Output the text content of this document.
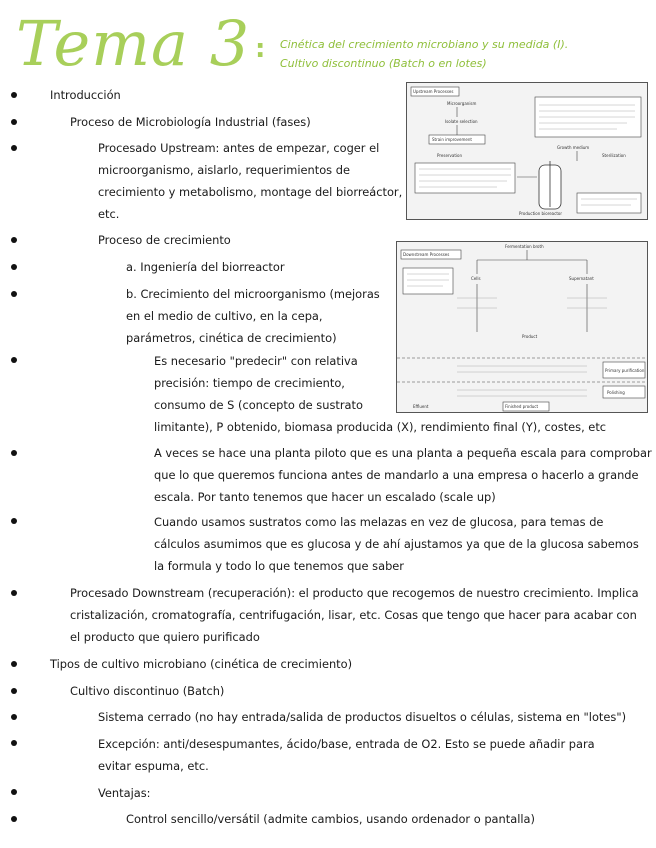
Tema 3 : Cinética del crecimiento microbiano y su medida (I).
Cultivo discontinuo (Batch o en lotes)
Upstream Processes
Microorganism
Isolate selection
Strain improvement
Preservation
Growth medium
Sterilization
Production bioreactor
Downstream Processes
Fermentation broth
Cells	Supernatant
Product
Primary purification
Polishing
Effluent	Finished product
Introducción
Proceso de Microbiología Industrial (fases)
Procesado Upstream: antes de empezar, coger el
microorganismo, aislarlo, requerimientos de
crecimiento y metabolismo, montage del biorreáctor,
etc.
Proceso de crecimiento
a. Ingeniería del biorreactor
b. Crecimiento del microorganismo (mejoras
en el medio de cultivo, en la cepa,
parámetros, cinética de crecimiento)
Es necesario "predecir" con relativa
precisión: tiempo de crecimiento,
consumo de S (concepto de sustrato
limitante), P obtenido, biomasa producida (X), rendimiento final (Y), costes, etc
A veces se hace una planta piloto que es una planta a pequeña escala para comprobar
que lo que queremos funciona antes de mandarlo a una empresa o hacerlo a grande
escala. Por tanto tenemos que hacer un escalado (scale up)
Cuando usamos sustratos como las melazas en vez de glucosa, para temas de
cálculos asumimos que es glucosa y de ahí ajustamos ya que de la glucosa sabemos
la formula y todo lo que tenemos que saber
Procesado Downstream (recuperación): el producto que recogemos de nuestro crecimiento. Implica
cristalización, cromatografía, centrifugación, lisar, etc. Cosas que tengo que hacer para acabar con
el producto que quiero purificado
Tipos de cultivo microbiano (cinética de crecimiento)
Cultivo discontinuo (Batch)
Sistema cerrado (no hay entrada/salida de productos disueltos o células, sistema en "lotes")
Excepción: anti/desespumantes, ácido/base, entrada de O2. Esto se puede añadir para
evitar espuma, etc.
Ventajas:
Control sencillo/versátil (admite cambios, usando ordenador o pantalla)
